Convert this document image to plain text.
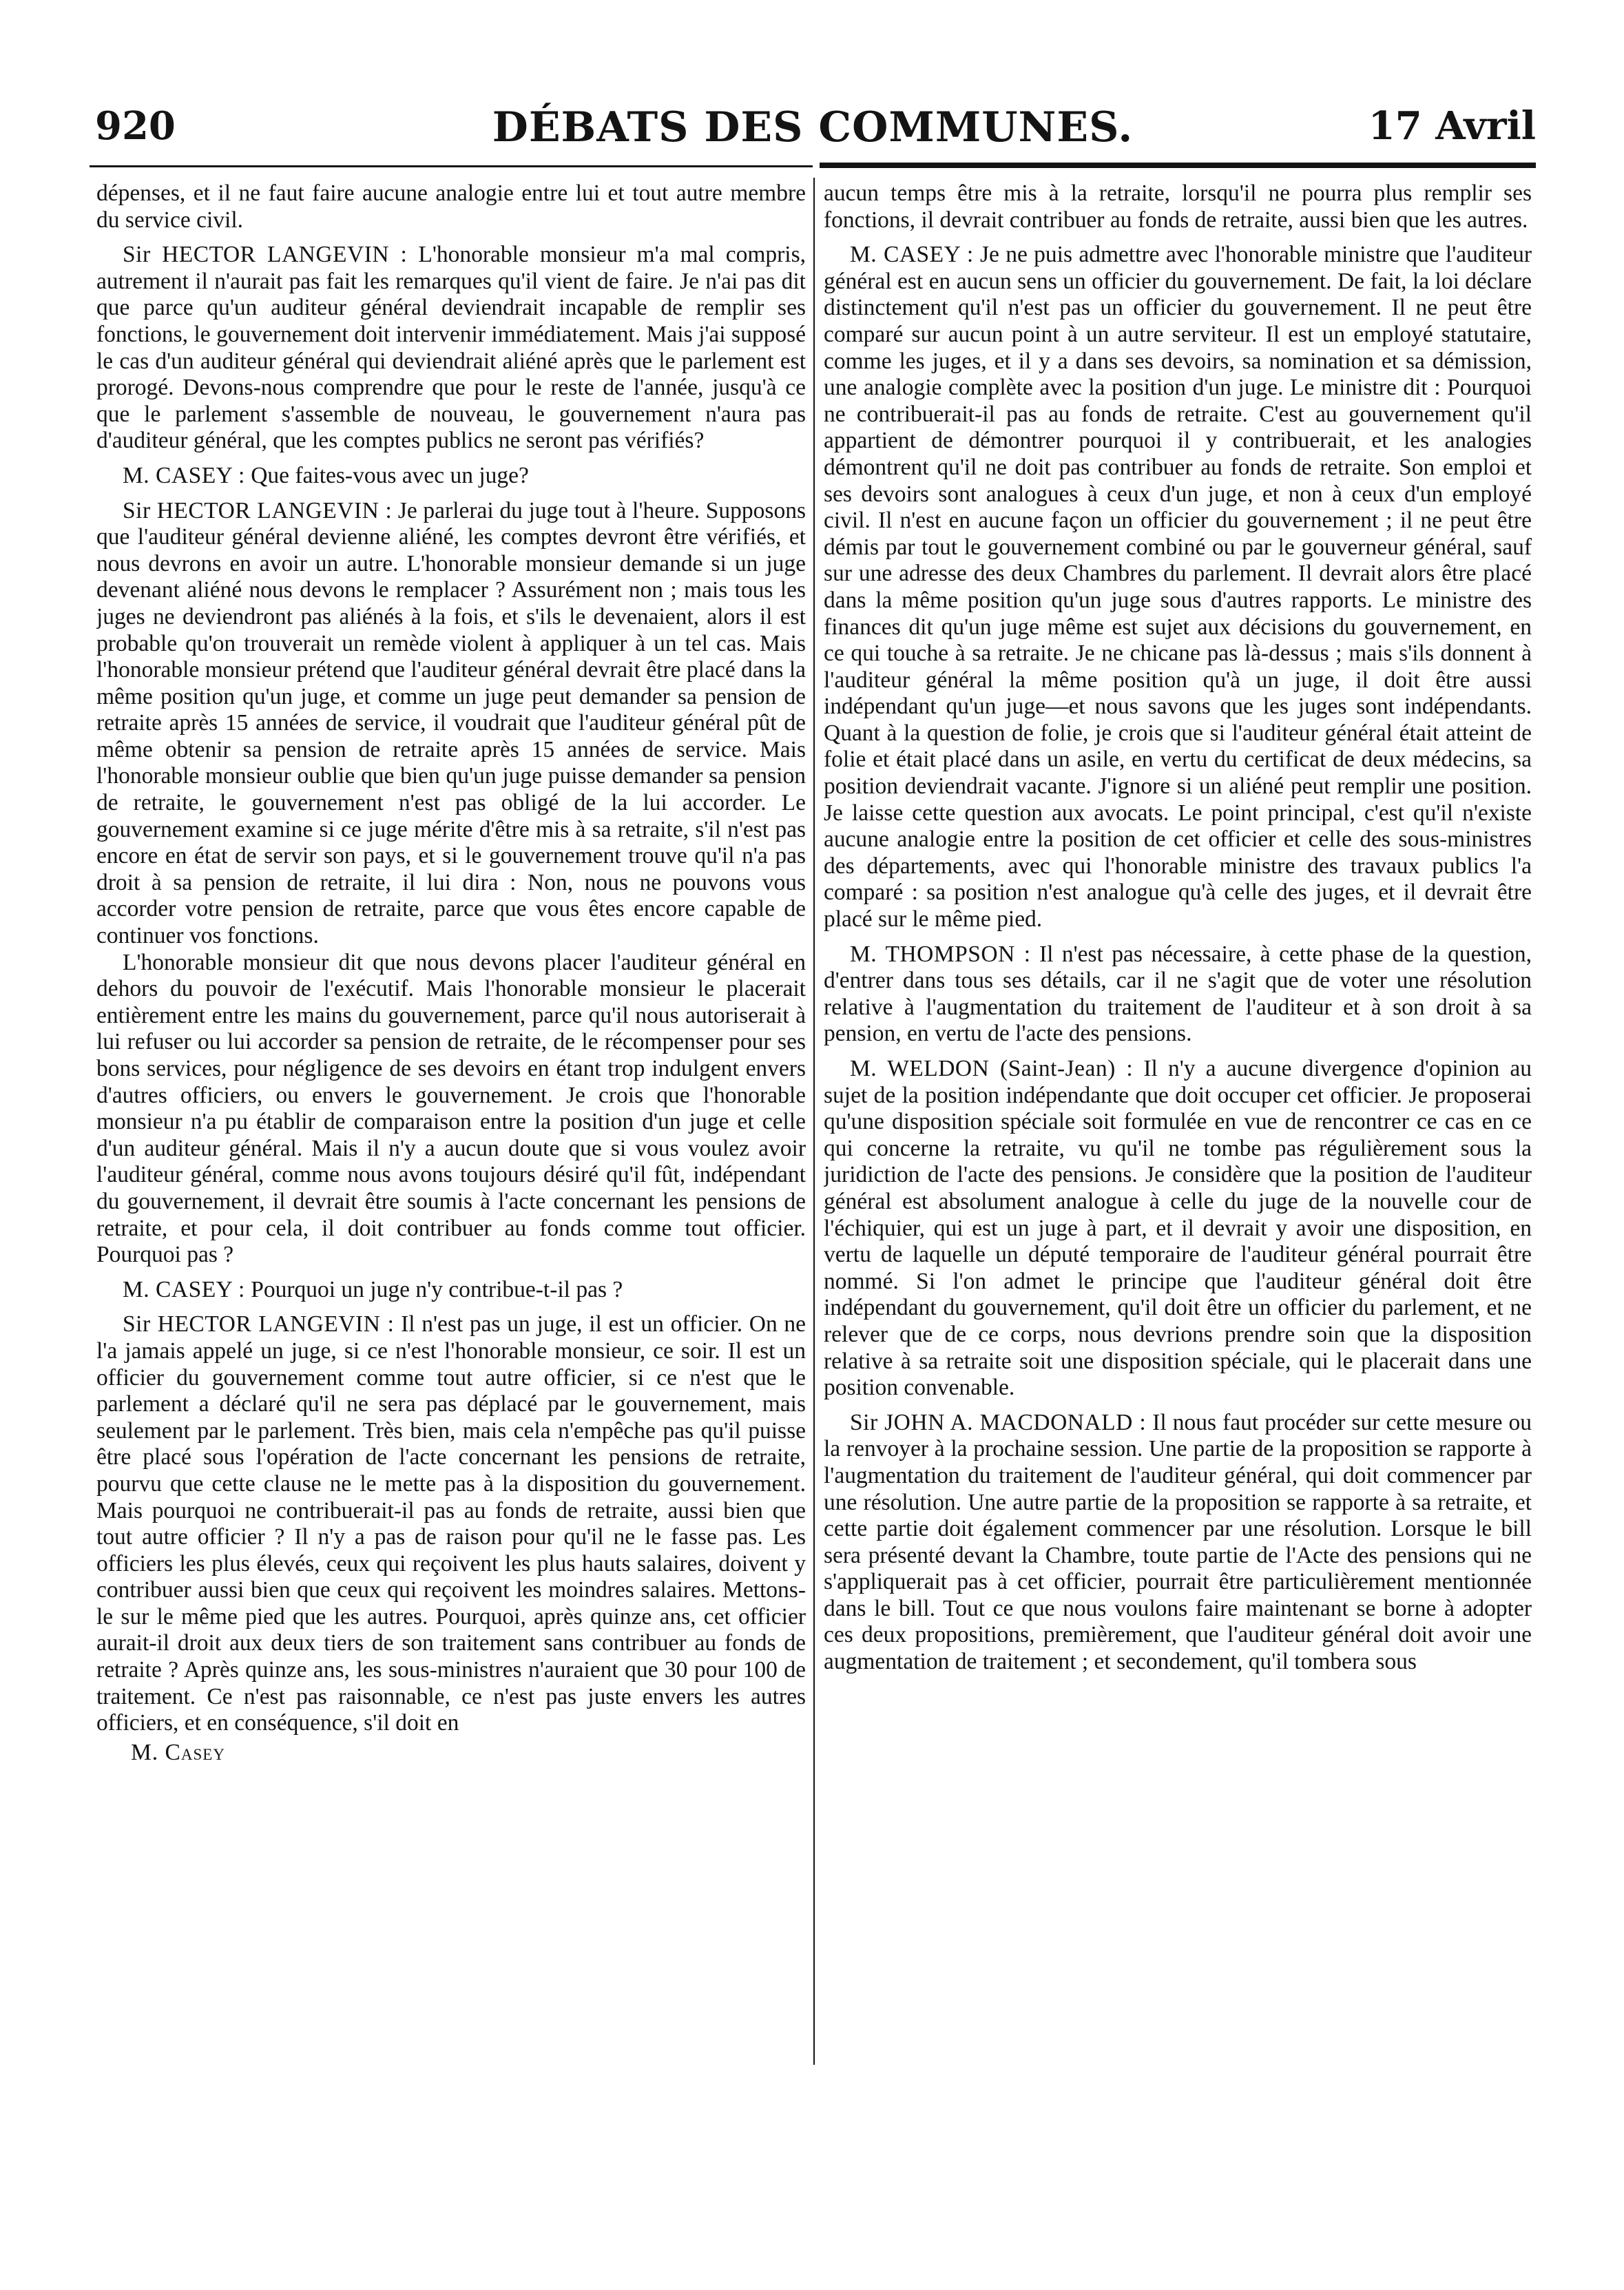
920	DÉBATS DES COMMUNES.	17 Avril

dépenses, et il ne faut faire aucune analogie entre lui et tout autre membre du service civil.

Sir HECTOR LANGEVIN : L'honorable monsieur m'a mal compris, autrement il n'aurait pas fait les remarques qu'il vient de faire. Je n'ai pas dit que parce qu'un auditeur général deviendrait incapable de remplir ses fonctions, le gouvernement doit intervenir immédiatement. Mais j'ai supposé le cas d'un auditeur général qui deviendrait aliéné après que le parlement est prorogé. Devons-nous comprendre que pour le reste de l'année, jusqu'à ce que le parlement s'assemble de nouveau, le gouvernement n'aura pas d'auditeur général, que les comptes publics ne seront pas vérifiés?

M. CASEY : Que faites-vous avec un juge?

Sir HECTOR LANGEVIN : Je parlerai du juge tout à l'heure. Supposons que l'auditeur général devienne aliéné, les comptes devront être vérifiés, et nous devrons en avoir un autre. L'honorable monsieur demande si un juge devenant aliéné nous devons le remplacer ? Assurément non ; mais tous les juges ne deviendront pas aliénés à la fois, et s'ils le devenaient, alors il est probable qu'on trouverait un remède violent à appliquer à un tel cas. Mais l'honorable monsieur prétend que l'auditeur général devrait être placé dans la même position qu'un juge, et comme un juge peut demander sa pension de retraite après 15 années de service, il voudrait que l'auditeur général pût de même obtenir sa pension de retraite après 15 années de service. Mais l'honorable monsieur oublie que bien qu'un juge puisse demander sa pension de retraite, le gouvernement n'est pas obligé de la lui accorder. Le gouvernement examine si ce juge mérite d'être mis à sa retraite, s'il n'est pas encore en état de servir son pays, et si le gouvernement trouve qu'il n'a pas droit à sa pension de retraite, il lui dira : Non, nous ne pouvons vous accorder votre pension de retraite, parce que vous êtes encore capable de continuer vos fonctions.

L'honorable monsieur dit que nous devons placer l'auditeur général en dehors du pouvoir de l'exécutif. Mais l'honorable monsieur le placerait entièrement entre les mains du gouvernement, parce qu'il nous autoriserait à lui refuser ou lui accorder sa pension de retraite, de le récompenser pour ses bons services, pour négligence de ses devoirs en étant trop indulgent envers d'autres officiers, ou envers le gouvernement. Je crois que l'honorable monsieur n'a pu établir de comparaison entre la position d'un juge et celle d'un auditeur général. Mais il n'y a aucun doute que si vous voulez avoir l'auditeur général, comme nous avons toujours désiré qu'il fût, indépendant du gouvernement, il devrait être soumis à l'acte concernant les pensions de retraite, et pour cela, il doit contribuer au fonds comme tout officier. Pourquoi pas ?

M. CASEY : Pourquoi un juge n'y contribue-t-il pas ?

Sir HECTOR LANGEVIN : Il n'est pas un juge, il est un officier. On ne l'a jamais appelé un juge, si ce n'est l'honorable monsieur, ce soir. Il est un officier du gouvernement comme tout autre officier, si ce n'est que le parlement a déclaré qu'il ne sera pas déplacé par le gouvernement, mais seulement par le parlement. Très bien, mais cela n'empêche pas qu'il puisse être placé sous l'opération de l'acte concernant les pensions de retraite, pourvu que cette clause ne le mette pas à la disposition du gouvernement. Mais pourquoi ne contribuerait-il pas au fonds de retraite, aussi bien que tout autre officier ? Il n'y a pas de raison pour qu'il ne le fasse pas. Les officiers les plus élevés, ceux qui reçoivent les plus hauts salaires, doivent y contribuer aussi bien que ceux qui reçoivent les moindres salaires. Mettons-le sur le même pied que les autres. Pourquoi, après quinze ans, cet officier aurait-il droit aux deux tiers de son traitement sans contribuer au fonds de retraite ? Après quinze ans, les sous-ministres n'auraient que 30 pour 100 de traitement. Ce n'est pas raisonnable, ce n'est pas juste envers les autres officiers, et en conséquence, s'il doit en

M. Casey

aucun temps être mis à la retraite, lorsqu'il ne pourra plus remplir ses fonctions, il devrait contribuer au fonds de retraite, aussi bien que les autres.

M. CASEY : Je ne puis admettre avec l'honorable ministre que l'auditeur général est en aucun sens un officier du gouvernement. De fait, la loi déclare distinctement qu'il n'est pas un officier du gouvernement. Il ne peut être comparé sur aucun point à un autre serviteur. Il est un employé statutaire, comme les juges, et il y a dans ses devoirs, sa nomination et sa démission, une analogie complète avec la position d'un juge. Le ministre dit : Pourquoi ne contribuerait-il pas au fonds de retraite. C'est au gouvernement qu'il appartient de démontrer pourquoi il y contribuerait, et les analogies démontrent qu'il ne doit pas contribuer au fonds de retraite. Son emploi et ses devoirs sont analogues à ceux d'un juge, et non à ceux d'un employé civil. Il n'est en aucune façon un officier du gouvernement ; il ne peut être démis par tout le gouvernement combiné ou par le gouverneur général, sauf sur une adresse des deux Chambres du parlement. Il devrait alors être placé dans la même position qu'un juge sous d'autres rapports. Le ministre des finances dit qu'un juge même est sujet aux décisions du gouvernement, en ce qui touche à sa retraite. Je ne chicane pas là-dessus ; mais s'ils donnent à l'auditeur général la même position qu'à un juge, il doit être aussi indépendant qu'un juge—et nous savons que les juges sont indépendants. Quant à la question de folie, je crois que si l'auditeur général était atteint de folie et était placé dans un asile, en vertu du certificat de deux médecins, sa position deviendrait vacante. J'ignore si un aliéné peut remplir une position. Je laisse cette question aux avocats. Le point principal, c'est qu'il n'existe aucune analogie entre la position de cet officier et celle des sous-ministres des départements, avec qui l'honorable ministre des travaux publics l'a comparé : sa position n'est analogue qu'à celle des juges, et il devrait être placé sur le même pied.

M. THOMPSON : Il n'est pas nécessaire, à cette phase de la question, d'entrer dans tous ses détails, car il ne s'agit que de voter une résolution relative à l'augmentation du traitement de l'auditeur et à son droit à sa pension, en vertu de l'acte des pensions.

M. WELDON (Saint-Jean) : Il n'y a aucune divergence d'opinion au sujet de la position indépendante que doit occuper cet officier. Je proposerai qu'une disposition spéciale soit formulée en vue de rencontrer ce cas en ce qui concerne la retraite, vu qu'il ne tombe pas régulièrement sous la juridiction de l'acte des pensions. Je considère que la position de l'auditeur général est absolument analogue à celle du juge de la nouvelle cour de l'échiquier, qui est un juge à part, et il devrait y avoir une disposition, en vertu de laquelle un député temporaire de l'auditeur général pourrait être nommé. Si l'on admet le principe que l'auditeur général doit être indépendant du gouvernement, qu'il doit être un officier du parlement, et ne relever que de ce corps, nous devrions prendre soin que la disposition relative à sa retraite soit une disposition spéciale, qui le placerait dans une position convenable.

Sir JOHN A. MACDONALD : Il nous faut procéder sur cette mesure ou la renvoyer à la prochaine session. Une partie de la proposition se rapporte à l'augmentation du traitement de l'auditeur général, qui doit commencer par une résolution. Une autre partie de la proposition se rapporte à sa retraite, et cette partie doit également commencer par une résolution. Lorsque le bill sera présenté devant la Chambre, toute partie de l'Acte des pensions qui ne s'appliquerait pas à cet officier, pourrait être particulièrement mentionnée dans le bill. Tout ce que nous voulons faire maintenant se borne à adopter ces deux propositions, premièrement, que l'auditeur général doit avoir une augmentation de traitement ; et secondement, qu'il tombera sous
